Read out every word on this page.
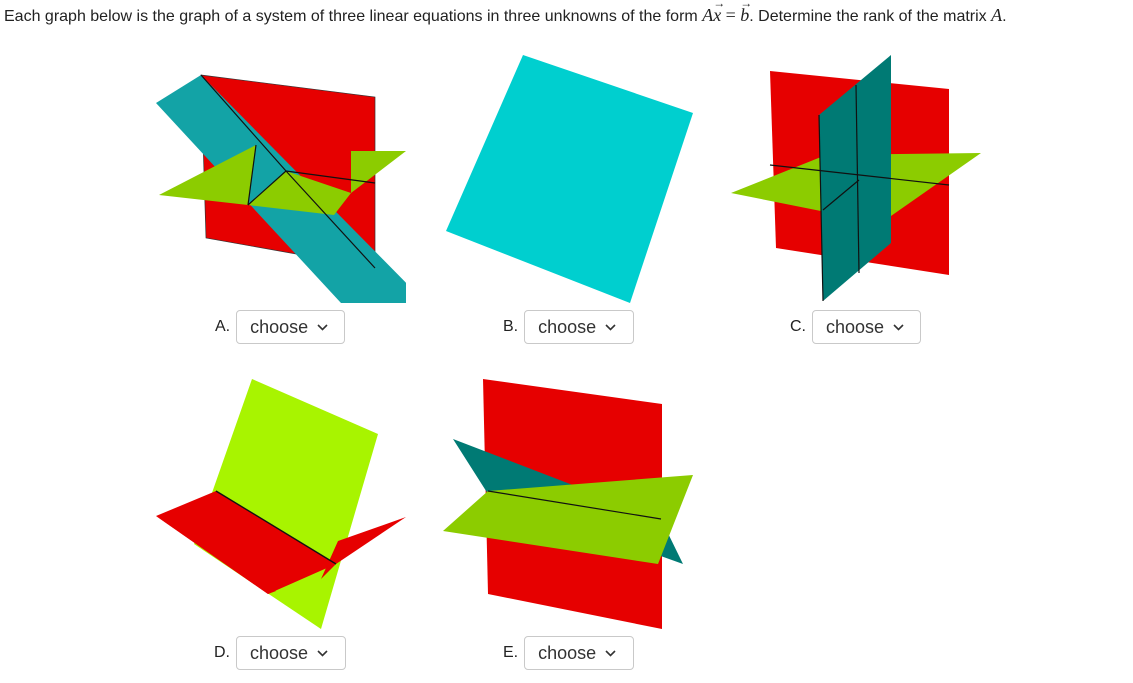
Each graph below is the graph of a system of three linear equations in three unknowns of the form A
→
x =
→
b. Determine the rank of the matrix A.
A. choose	B. choose	C. choose
D. choose	E. choose
